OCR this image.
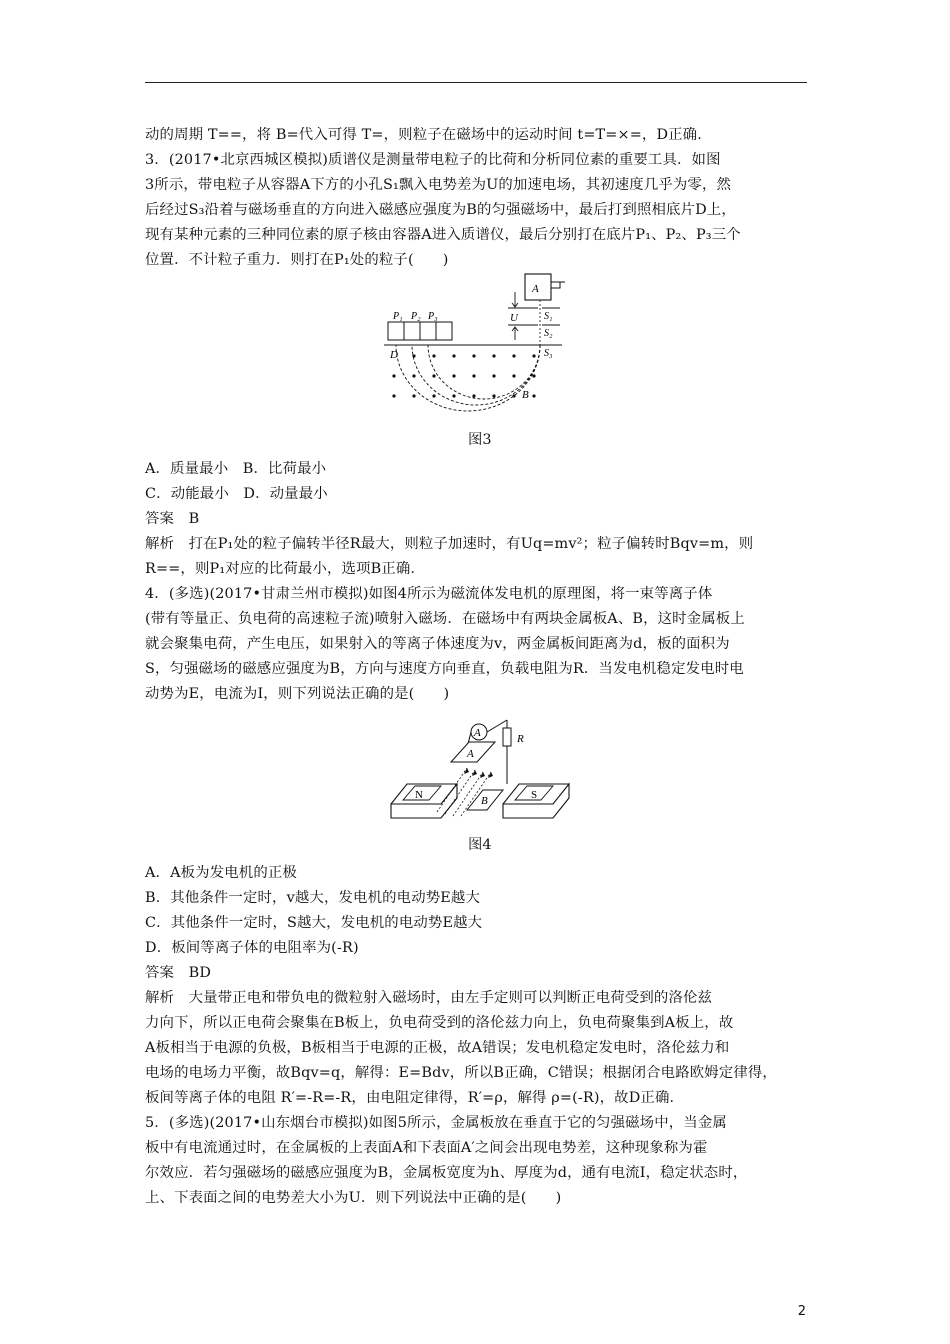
动的周期 T==，将 B=代入可得 T=，则粒子在磁场中的运动时间 t=T=×=，D正确.
3．(2017•北京西城区模拟)质谱仪是测量带电粒子的比荷和分析同位素的重要工具．如图
3所示，带电粒子从容器A下方的小孔S₁飘入电势差为U的加速电场，其初速度几乎为零，然
后经过S₃沿着与磁场垂直的方向进入磁感应强度为B的匀强磁场中，最后打到照相底片D上，
现有某种元素的三种同位素的原子核由容器A进入质谱仪，最后分别打在底片P₁、P₂、P₃三个
位置．不计粒子重力．则打在P₁处的粒子(　　)
A
U	S₁
S₂
S₃
P₁ P₂ P₃
D
B
图3
A．质量最小　B．比荷最小
C．动能最小　D．动量最小
答案　B
解析　打在P₁处的粒子偏转半径R最大，则粒子加速时，有Uq=mv²；粒子偏转时Bqv=m，则
R==，则P₁对应的比荷最小，选项B正确．
4．(多选)(2017•甘肃兰州市模拟)如图4所示为磁流体发电机的原理图，将一束等离子体
(带有等量正、负电荷的高速粒子流)喷射入磁场．在磁场中有两块金属板A、B，这时金属板上
就会聚集电荷，产生电压，如果射入的等离子体速度为v，两金属板间距离为d，板的面积为
S，匀强磁场的磁感应强度为B，方向与速度方向垂直，负载电阻为R．当发电机稳定发电时电
动势为E，电流为I，则下列说法正确的是(　　)
A	R
N	S
A
B
图4
A．A板为发电机的正极
B．其他条件一定时，v越大，发电机的电动势E越大
C．其他条件一定时，S越大，发电机的电动势E越大
D．板间等离子体的电阻率为(-R)
答案　BD
解析　大量带正电和带负电的微粒射入磁场时，由左手定则可以判断正电荷受到的洛伦兹
力向下，所以正电荷会聚集在B板上，负电荷受到的洛伦兹力向上，负电荷聚集到A板上，故
A板相当于电源的负极，B板相当于电源的正极，故A错误；发电机稳定发电时，洛伦兹力和
电场的电场力平衡，故Bqv=q，解得：E=Bdv，所以B正确，C错误；根据闭合电路欧姆定律得，
板间等离子体的电阻 R′=-R=-R，由电阻定律得，R′=ρ，解得 ρ=(-R)，故D正确．
5．(多选)(2017•山东烟台市模拟)如图5所示，金属板放在垂直于它的匀强磁场中，当金属
板中有电流通过时，在金属板的上表面A和下表面A′之间会出现电势差，这种现象称为霍
尔效应．若匀强磁场的磁感应强度为B，金属板宽度为h、厚度为d，通有电流I，稳定状态时，
上、下表面之间的电势差大小为U．则下列说法中正确的是(　　)
2
